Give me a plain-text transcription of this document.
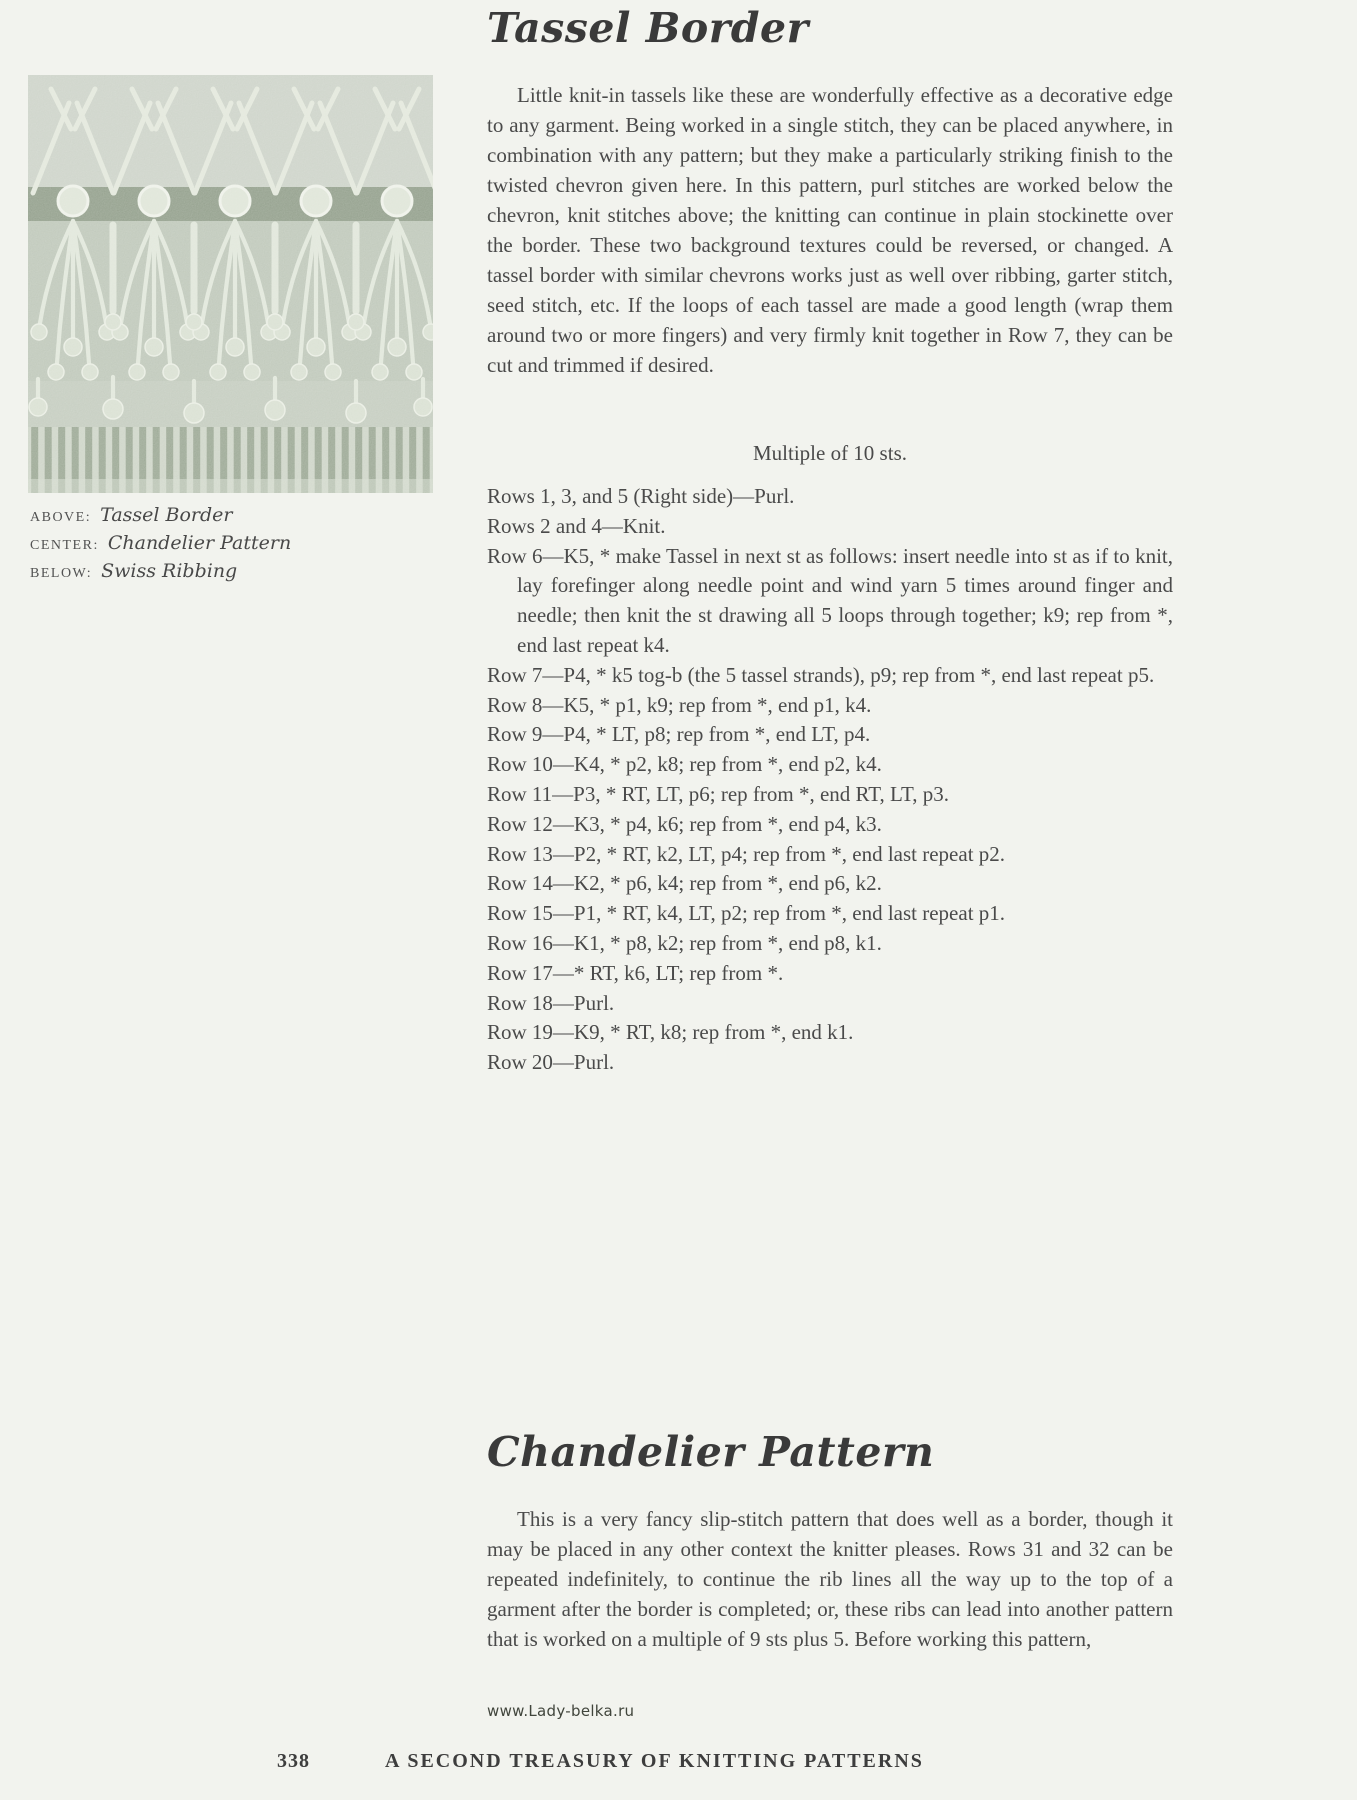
Tassel Border
ABOVE: Tassel Border
CENTER: Chandelier Pattern
BELOW: Swiss Ribbing

Little knit-in tassels like these are wonderfully effective as a decorative edge to any garment. Being worked in a single stitch, they can be placed anywhere, in combination with any pattern; but they make a particularly striking finish to the twisted chevron given here. In this pattern, purl stitches are worked below the chevron, knit stitches above; the knitting can continue in plain stockinette over the border. These two background textures could be reversed, or changed. A tassel border with similar chevrons works just as well over ribbing, garter stitch, seed stitch, etc. If the loops of each tassel are made a good length (wrap them around two or more fingers) and very firmly knit together in Row 7, they can be cut and trimmed if desired.

Multiple of 10 sts.

Rows 1, 3, and 5 (Right side)—Purl.

Rows 2 and 4—Knit.

Row 6—K5, * make Tassel in next st as follows: insert needle into st as if to knit, lay forefinger along needle point and wind yarn 5 times around finger and needle; then knit the st drawing all 5 loops through together; k9; rep from *, end last repeat k4.

Row 7—P4, * k5 tog-b (the 5 tassel strands), p9; rep from *, end last repeat p5.

Row 8—K5, * p1, k9; rep from *, end p1, k4.

Row 9—P4, * LT, p8; rep from *, end LT, p4.

Row 10—K4, * p2, k8; rep from *, end p2, k4.

Row 11—P3, * RT, LT, p6; rep from *, end RT, LT, p3.

Row 12—K3, * p4, k6; rep from *, end p4, k3.

Row 13—P2, * RT, k2, LT, p4; rep from *, end last repeat p2.

Row 14—K2, * p6, k4; rep from *, end p6, k2.

Row 15—P1, * RT, k4, LT, p2; rep from *, end last repeat p1.

Row 16—K1, * p8, k2; rep from *, end p8, k1.

Row 17—* RT, k6, LT; rep from *.

Row 18—Purl.

Row 19—K9, * RT, k8; rep from *, end k1.

Row 20—Purl.

Chandelier Pattern

This is a very fancy slip-stitch pattern that does well as a border, though it may be placed in any other context the knitter pleases. Rows 31 and 32 can be repeated indefinitely, to continue the rib lines all the way up to the top of a garment after the border is completed; or, these ribs can lead into another pattern that is worked on a multiple of 9 sts plus 5. Before working this pattern,

www.Lady-belka.ru
338	A SECOND TREASURY OF KNITTING PATTERNS
